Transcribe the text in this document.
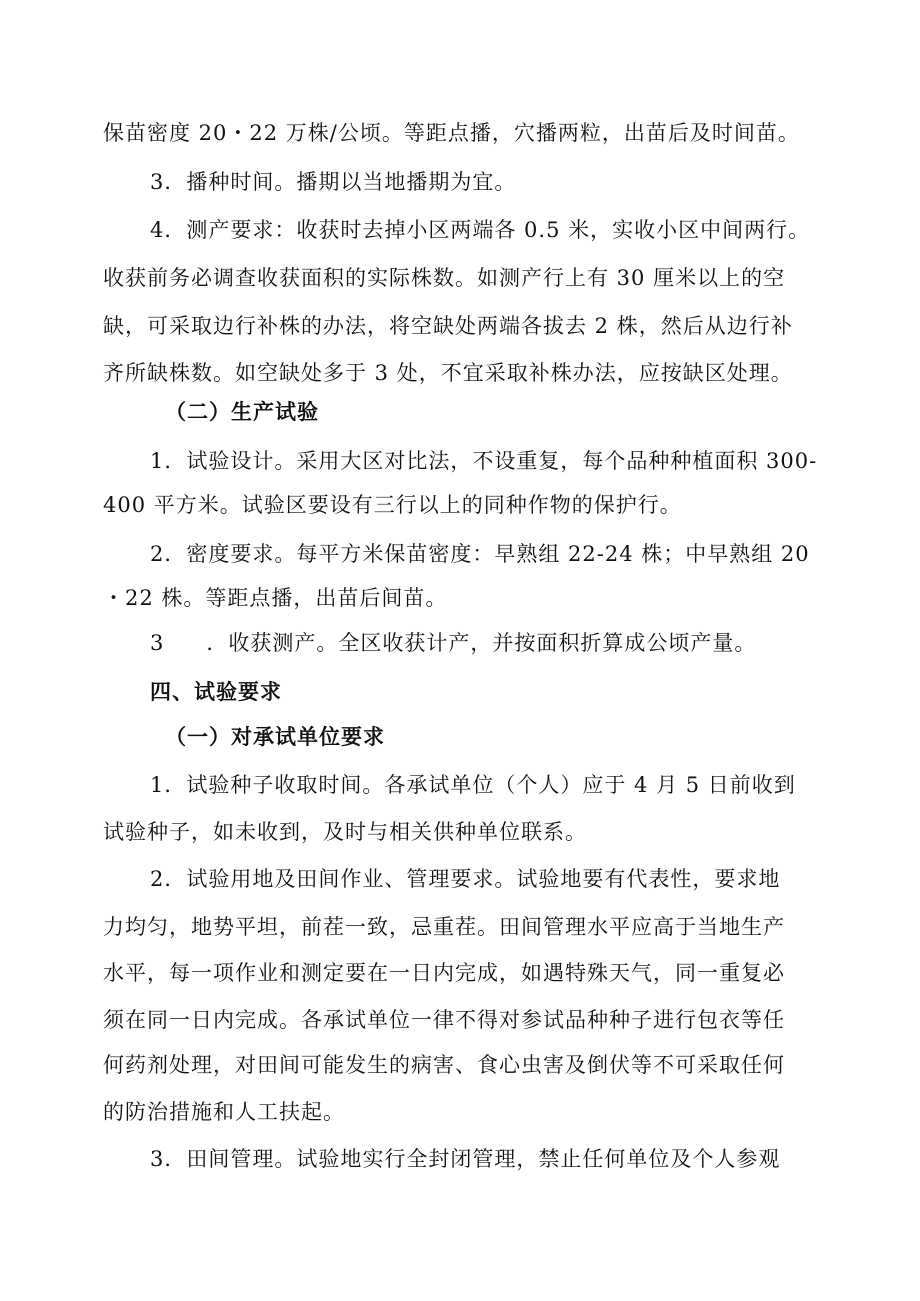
保苗密度 20・22 万株/公顷。等距点播，穴播两粒，出苗后及时间苗。
3．播种时间。播期以当地播期为宜。
4．测产要求：收获时去掉小区两端各 0.5 米，实收小区中间两行。
收获前务必调查收获面积的实际株数。如测产行上有 30 厘米以上的空
缺，可采取边行补株的办法，将空缺处两端各拔去 2 株，然后从边行补
齐所缺株数。如空缺处多于 3 处，不宜采取补株办法，应按缺区处理。
（二）生产试验
1．试验设计。采用大区对比法，不设重复，每个品种种植面积 300-
400 平方米。试验区要设有三行以上的同种作物的保护行。
2．密度要求。每平方米保苗密度：早熟组 22-24 株；中早熟组 20
・22 株。等距点播，出苗后间苗。
3 ．收获测产。全区收获计产，并按面积折算成公顷产量。
四、试验要求
（一）对承试单位要求
1．试验种子收取时间。各承试单位（个人）应于 4 月 5 日前收到
试验种子，如未收到，及时与相关供种单位联系。
2．试验用地及田间作业、管理要求。试验地要有代表性，要求地
力均匀，地势平坦，前茬一致，忌重茬。田间管理水平应高于当地生产
水平，每一项作业和测定要在一日内完成，如遇特殊天气，同一重复必
须在同一日内完成。各承试单位一律不得对参试品种种子进行包衣等任
何药剂处理，对田间可能发生的病害、食心虫害及倒伏等不可采取任何
的防治措施和人工扶起。
3．田间管理。试验地实行全封闭管理，禁止任何单位及个人参观
